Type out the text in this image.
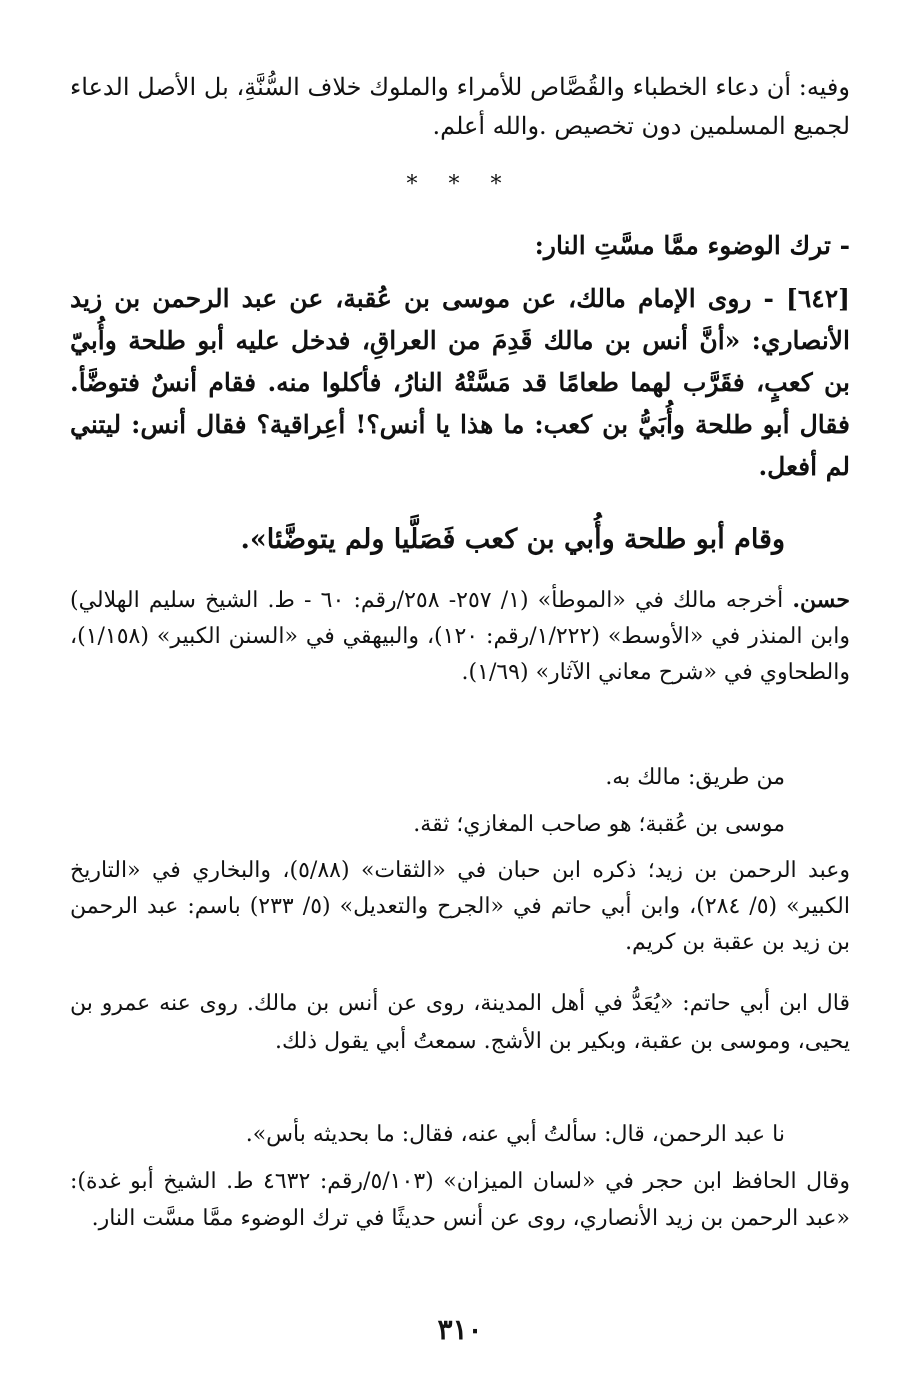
وفيه: أن دعاء الخطباء والقُصَّاص للأمراء والملوك خلاف السُّنَّةِ، بل الأصل الدعاء لجميع المسلمين دون تخصيص .والله أعلم.

* * *

- ترك الوضوء ممَّا مسَّتِ النار:

[٦٤٢] - روى الإمام مالك، عن موسى بن عُقبة، عن عبد الرحمن بن زيد الأنصاري: «أنَّ أنس بن مالك قَدِمَ من العراقِ، فدخل عليه أبو طلحة وأُبيّ بن كعبٍ، فقَرَّب لهما طعامًا قد مَسَّتْهُ النارُ، فأكلوا منه. فقام أنسٌ فتوضَّأ. فقال أبو طلحة وأُبَيُّ بن كعب: ما هذا يا أنس؟! أعِراقية؟ فقال أنس: ليتني لم أفعل.

وقام أبو طلحة وأُبي بن كعب فَصَلَّيا ولم يتوضَّئا».

حسن. أخرجه مالك في «الموطأ» (١/ ٢٥٧- ٢٥٨/رقم: ٦٠ - ط. الشيخ سليم الهلالي) وابن المنذر في «الأوسط» (١/٢٢٢/رقم: ١٢٠)، والبيهقي في «السنن الكبير» (١/١٥٨)، والطحاوي في «شرح معاني الآثار» (١/٦٩).

من طريق: مالك به.

موسى بن عُقبة؛ هو صاحب المغازي؛ ثقة.

وعبد الرحمن بن زيد؛ ذكره ابن حبان في «الثقات» (٥/٨٨)، والبخاري في «التاريخ الكبير» (٥/ ٢٨٤)، وابن أبي حاتم في «الجرح والتعديل» (٥/ ٢٣٣) باسم: عبد الرحمن بن زيد بن عقبة بن كريم.

قال ابن أبي حاتم: «يُعَدُّ في أهل المدينة، روى عن أنس بن مالك. روى عنه عمرو بن يحيى، وموسى بن عقبة، وبكير بن الأشج. سمعتُ أبي يقول ذلك.

نا عبد الرحمن، قال: سألتُ أبي عنه، فقال: ما بحديثه بأس».

وقال الحافظ ابن حجر في «لسان الميزان» (٥/١٠٣/رقم: ٤٦٣٢ ط. الشيخ أبو غدة): «عبد الرحمن بن زيد الأنصاري، روى عن أنس حديثًا في ترك الوضوء ممَّا مسَّت النار.

٣١٠
